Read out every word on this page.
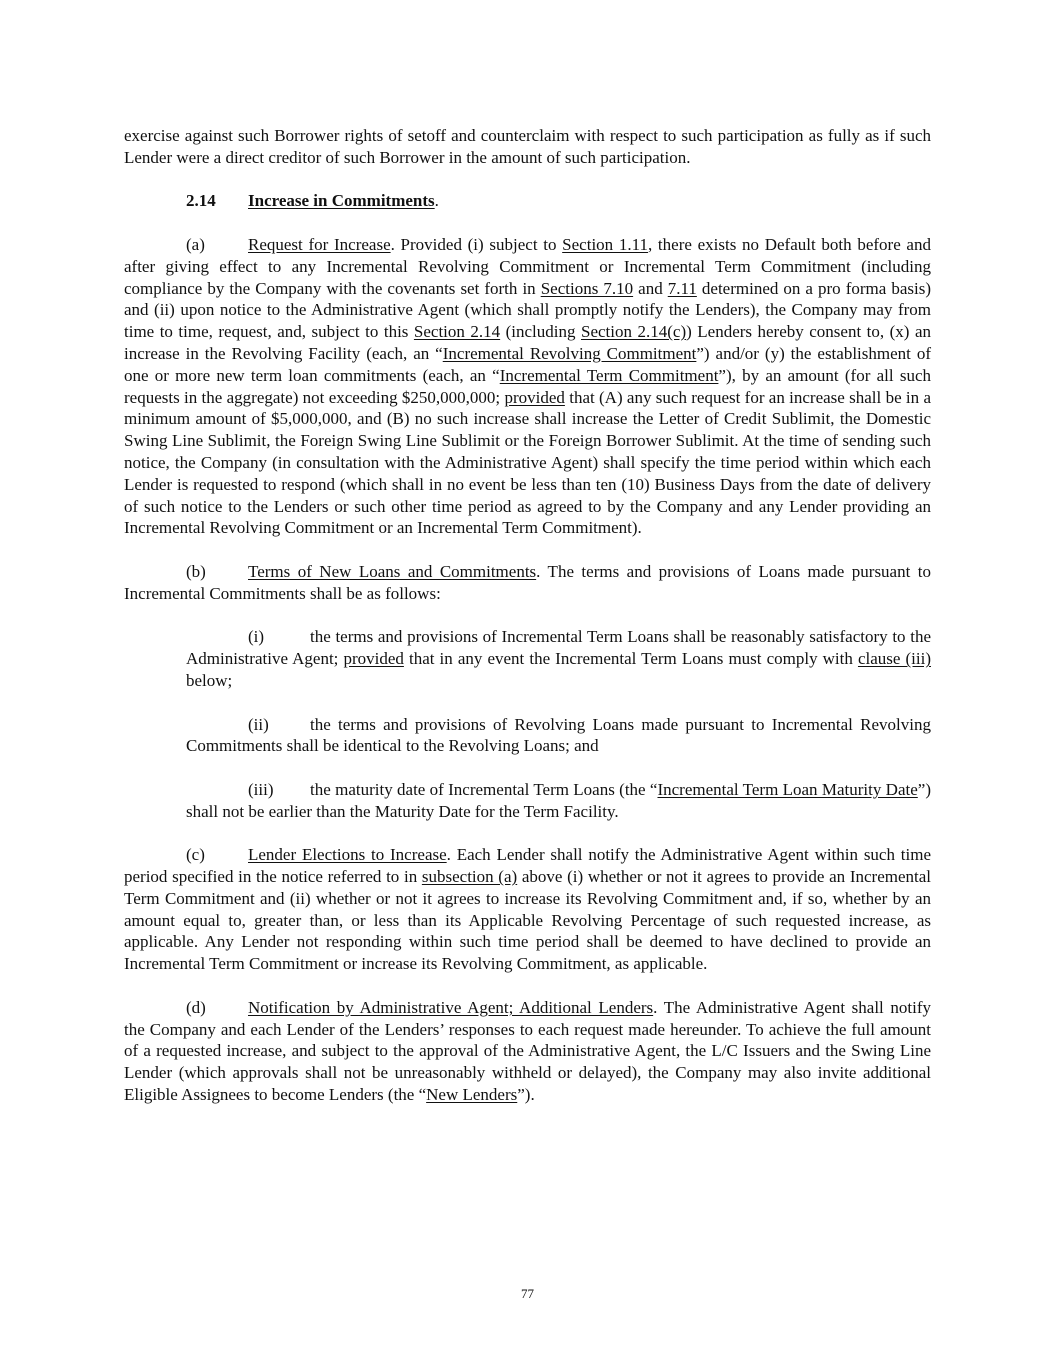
exercise against such Borrower rights of setoff and counterclaim with respect to such participation as fully as if such Lender were a direct creditor of such Borrower in the amount of such participation.

2.14 Increase in Commitments.

(a)	Request for Increase. Provided (i) subject to Section 1.11, there exists no Default both before and after giving effect to any Incremental Revolving Commitment or Incremental Term Commitment (including compliance by the Company with the covenants set forth in Sections 7.10 and 7.11 determined on a pro forma basis) and (ii) upon notice to the Administrative Agent (which shall promptly notify the Lenders), the Company may from time to time, request, and, subject to this Section 2.14 (including Section 2.14(c)) Lenders hereby consent to, (x) an increase in the Revolving Facility (each, an “Incremental Revolving Commitment”) and/or (y) the establishment of one or more new term loan commitments (each, an “Incremental Term Commitment”), by an amount (for all such requests in the aggregate) not exceeding $250,000,000; provided that (A) any such request for an increase shall be in a minimum amount of $5,000,000, and (B) no such increase shall increase the Letter of Credit Sublimit, the Domestic Swing Line Sublimit, the Foreign Swing Line Sublimit or the Foreign Borrower Sublimit. At the time of sending such notice, the Company (in consultation with the Administrative Agent) shall specify the time period within which each Lender is requested to respond (which shall in no event be less than ten (10) Business Days from the date of delivery of such notice to the Lenders or such other time period as agreed to by the Company and any Lender providing an Incremental Revolving Commitment or an Incremental Term Commitment).

(b) Terms of New Loans and Commitments. The terms and provisions of Loans made pursuant to Incremental Commitments shall be as follows:

(i)	the terms and provisions of Incremental Term Loans shall be reasonably satisfactory to the Administrative Agent; provided that in any event the Incremental Term Loans must comply with clause (iii) below;

(ii) the terms and provisions of Revolving Loans made pursuant to Incremental Revolving Commitments shall be identical to the Revolving Loans; and

(iii) the maturity date of Incremental Term Loans (the “Incremental Term Loan Maturity Date”) shall not be earlier than the Maturity Date for the Term Facility.

(c)	Lender Elections to Increase. Each Lender shall notify the Administrative Agent within such time period specified in the notice referred to in subsection (a) above (i) whether or not it agrees to provide an Incremental Term Commitment and (ii) whether or not it agrees to increase its Revolving Commitment and, if so, whether by an amount equal to, greater than, or less than its Applicable Revolving Percentage of such requested increase, as applicable. Any Lender not responding within such time period shall be deemed to have declined to provide an Incremental Term Commitment or increase its Revolving Commitment, as applicable.

(d) Notification by Administrative Agent; Additional Lenders. The Administrative Agent shall notify the Company and each Lender of the Lenders’ responses to each request made hereunder. To achieve the full amount of a requested increase, and subject to the approval of the Administrative Agent, the L/C Issuers and the Swing Line Lender (which approvals shall not be unreasonably withheld or delayed), the Company may also invite additional Eligible Assignees to become Lenders (the “New Lenders”).

77
